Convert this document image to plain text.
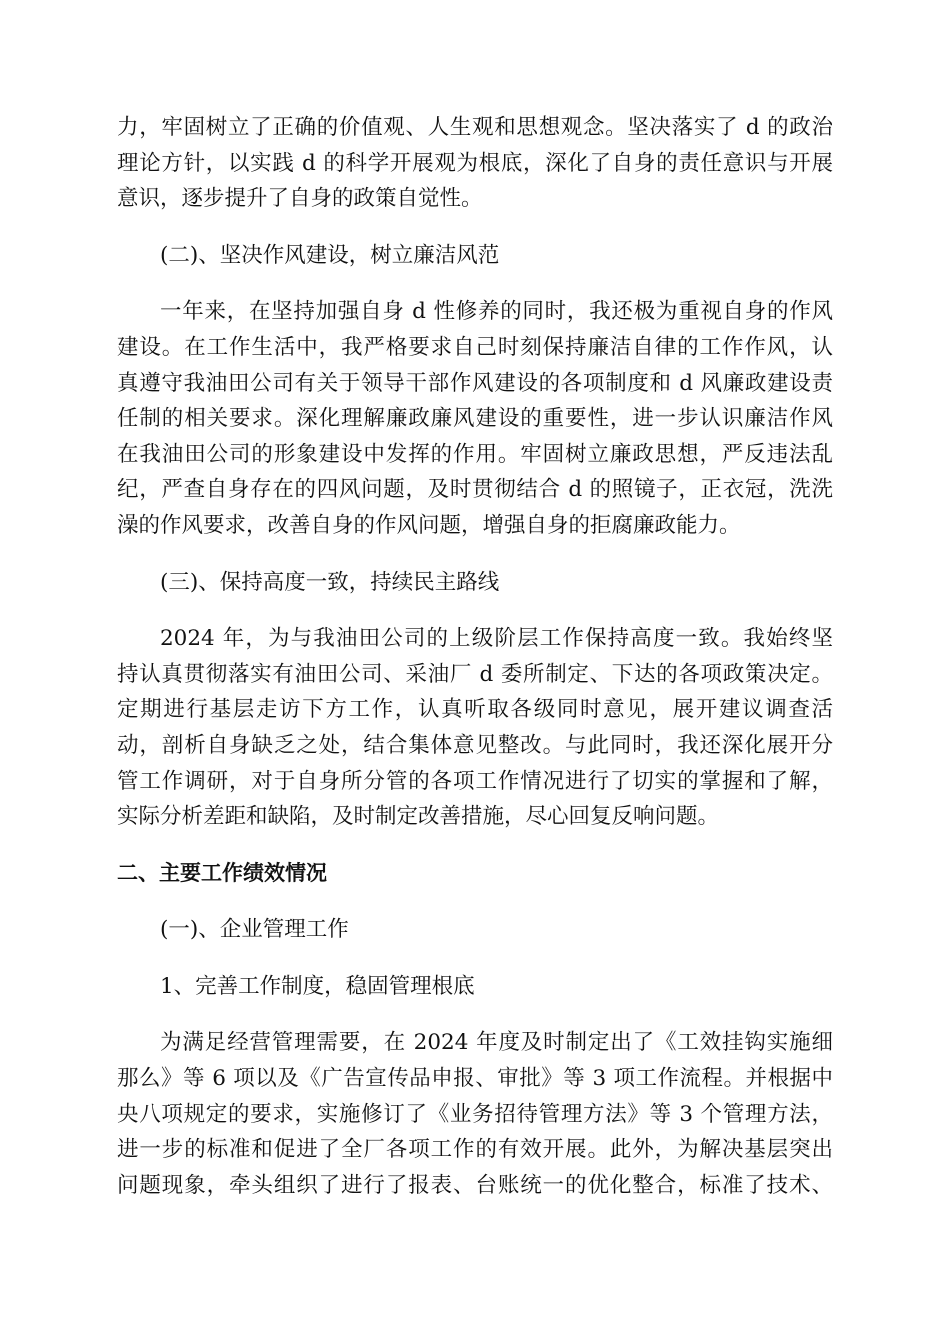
力，牢固树立了正确的价值观、人生观和思想观念。坚决落实了 d 的政治
理论方针，以实践 d 的科学开展观为根底，深化了自身的责任意识与开展
意识，逐步提升了自身的政策自觉性。

(二)、坚决作风建设，树立廉洁风范

一年来，在坚持加强自身 d 性修养的同时，我还极为重视自身的作风
建设。在工作生活中，我严格要求自己时刻保持廉洁自律的工作作风，认
真遵守我油田公司有关于领导干部作风建设的各项制度和 d 风廉政建设责
任制的相关要求。深化理解廉政廉风建设的重要性，进一步认识廉洁作风
在我油田公司的形象建设中发挥的作用。牢固树立廉政思想，严反违法乱
纪，严查自身存在的四风问题，及时贯彻结合 d 的照镜子，正衣冠，洗洗
澡的作风要求，改善自身的作风问题，增强自身的拒腐廉政能力。

(三)、保持高度一致，持续民主路线

2024 年，为与我油田公司的上级阶层工作保持高度一致。我始终坚
持认真贯彻落实有油田公司、采油厂 d 委所制定、下达的各项政策决定。
定期进行基层走访下方工作，认真听取各级同时意见，展开建议调查活
动，剖析自身缺乏之处，结合集体意见整改。与此同时，我还深化展开分
管工作调研，对于自身所分管的各项工作情况进行了切实的掌握和了解，
实际分析差距和缺陷，及时制定改善措施，尽心回复反响问题。

二、主要工作绩效情况

(一)、企业管理工作

1、完善工作制度，稳固管理根底

为满足经营管理需要，在 2024 年度及时制定出了《工效挂钩实施细
那么》等 6 项以及《广告宣传品申报、审批》等 3 项工作流程。并根据中
央八项规定的要求，实施修订了《业务招待管理方法》等 3 个管理方法，
进一步的标准和促进了全厂各项工作的有效开展。此外，为解决基层突出
问题现象，牵头组织了进行了报表、台账统一的优化整合，标准了技术、
